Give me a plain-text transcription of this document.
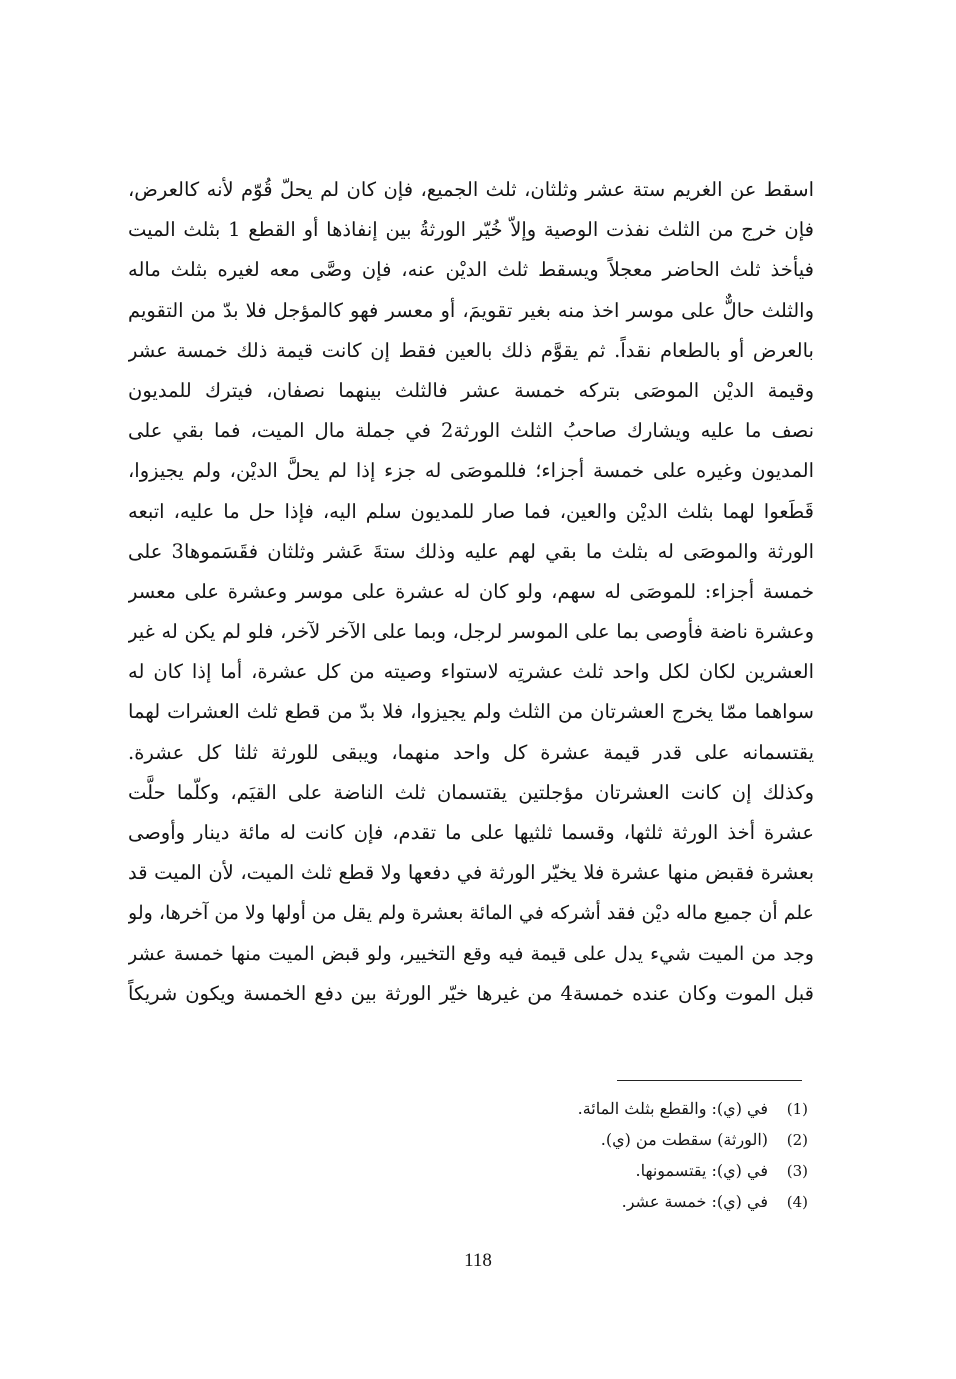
اسقط عن الغريم ستة عشر وثلثان، ثلث الجميع، فإن كان لم يحلّ قُوّم لأنه كالعرض،
فإن خرج من الثلث نفذت الوصية وإلاّ خُيّر الورثةُ بين إنفاذها أو القطع 1 بثلث الميت
فيأخذ ثلث الحاضر معجلاً ويسقط ثلث الديْن عنه، فإن وصَّى معه لغيره بثلث ماله
والثلث حالٌّ على موسر اخذ منه بغير تقويمَ، أو معسر فهو كالمؤجل فلا بدّ من التقويم
بالعرض أو بالطعام نقداً. ثم يقوَّم ذلك بالعين فقط إن كانت قيمة ذلك خمسة عشر
وقيمة الديْن الموصَى بتركه خمسة عشر فالثلث بينهما نصفان، فيترك للمديون
نصف ما عليه ويشارك صاحبُ الثلث الورثة2 في جملة مال الميت، فما بقي على
المديون وغيره على خمسة أجزاء؛ فللموصَى له جزء إذا لم يحلَّ الديْن، ولم يجيزوا،
قَطَعوا لهما بثلث الديْن والعين، فما صار للمديون سلم اليه، فإذا حل ما عليه، اتبعه
الورثة والموصَى له بثلث ما بقي لهم عليه وذلك ستةَ عَشر وثلثان فقَسَموها3 على
خمسة أجزاء: للموصَى له سهم، ولو كان له عشرة على موسر وعشرة على معسر
وعشرة ناضة فأوصى بما على الموسر لرجل، وبما على الآخر لآخر، فلو لم يكن له غير
العشرين لكان لكل واحد ثلث عشرتِه لاستواء وصيته من كل عشرة، أما إذا كان له
سواهما ممّا يخرج العشرتان من الثلث ولم يجيزوا، فلا بدّ من قطع ثلث العشرات لهما
يقتسمانه على قدر قيمة عشرة كل واحد منهما، ويبقى للورثة ثلثا كل عشرة.
وكذلك إن كانت العشرتان مؤجلتين يقتسمان ثلث الناضة على القيَم، وكلّما حلَّت
عشرة أخذ الورثة ثلثها، وقسما ثلثيها على ما تقدم، فإن كانت له مائة دينار وأوصى
بعشرة فقبض منها عشرة فلا يخيّر الورثة في دفعها ولا قطع ثلث الميت، لأن الميت قد
علم أن جميع ماله ديْن فقد أشركه في المائة بعشرة ولم يقل من أولها ولا من آخرها، ولو
وجد من الميت شيء يدل على قيمة فيه وقع التخيير، ولو قبض الميت منها خمسة عشر
قبل الموت وكان عنده خمسة4 من غيرها خيّر الورثة بين دفع الخمسة ويكون شريكاً
(1)
في (ي): والقطع بثلث المائة.
(2)
(الورثة) سقطت من (ي).
(3)
في (ي): يقتسمونها.
(4)
في (ي): خمسة عشر.
118
